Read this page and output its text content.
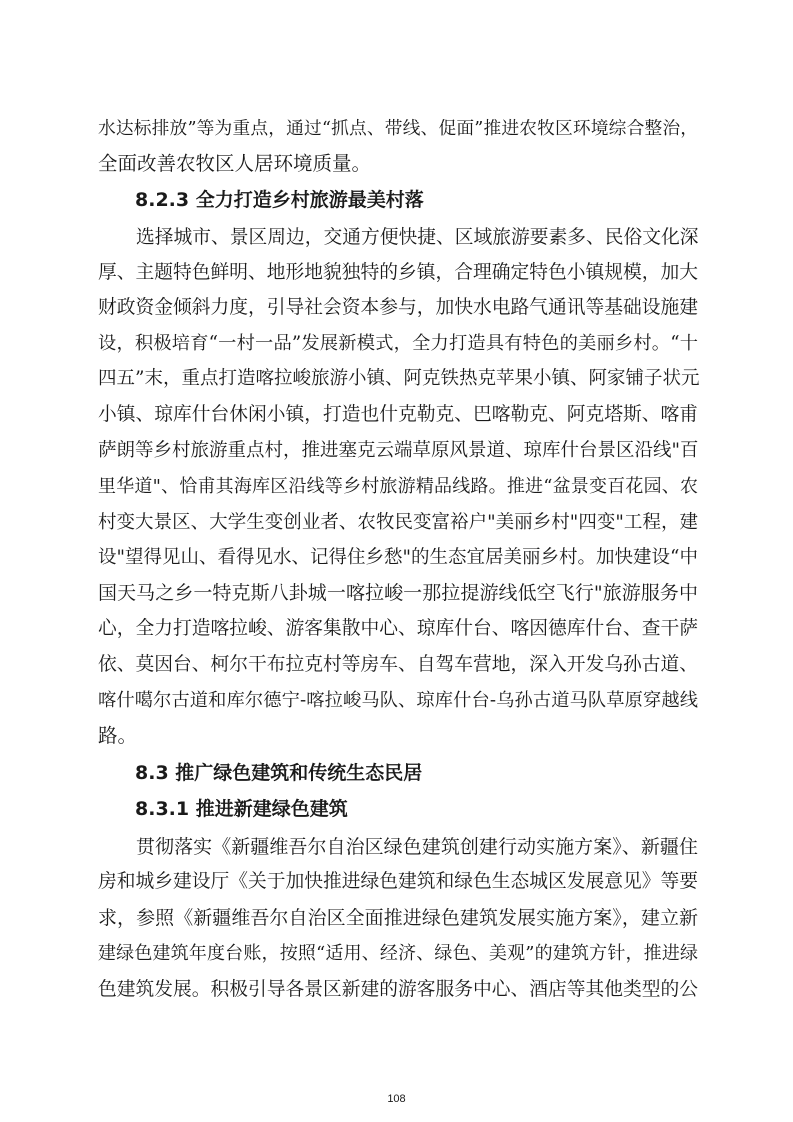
水达标排放”等为重点，通过“抓点、带线、促面”推进农牧区环境综合整治，
全面改善农牧区人居环境质量。
8.2.3 全力打造乡村旅游最美村落
选择城市、景区周边，交通方便快捷、区域旅游要素多、民俗文化深
厚、主题特色鲜明、地形地貌独特的乡镇，合理确定特色小镇规模，加大
财政资金倾斜力度，引导社会资本参与，加快水电路气通讯等基础设施建
设，积极培育“一村一品”发展新模式，全力打造具有特色的美丽乡村。“十
四五”末，重点打造喀拉峻旅游小镇、阿克铁热克苹果小镇、阿家铺子状元
小镇、琼库什台休闲小镇，打造也什克勒克、巴喀勒克、阿克塔斯、喀甫
萨朗等乡村旅游重点村，推进塞克云端草原风景道、琼库什台景区沿线"百
里华道"、恰甫其海库区沿线等乡村旅游精品线路。推进“盆景变百花园、农
村变大景区、大学生变创业者、农牧民变富裕户"美丽乡村"四变"工程，建
设"望得见山、看得见水、记得住乡愁"的生态宜居美丽乡村。加快建设“中
国天马之乡一特克斯八卦城一喀拉峻一那拉提游线低空飞行"旅游服务中
心，全力打造喀拉峻、游客集散中心、琼库什台、喀因德库什台、查干萨
依、莫因台、柯尔干布拉克村等房车、自驾车营地，深入开发乌孙古道、
喀什噶尔古道和库尔德宁-喀拉峻马队、琼库什台-乌孙古道马队草原穿越线
路。
8.3 推广绿色建筑和传统生态民居
8.3.1 推进新建绿色建筑
贯彻落实《新疆维吾尔自治区绿色建筑创建行动实施方案》、新疆住
房和城乡建设厅《关于加快推进绿色建筑和绿色生态城区发展意见》等要
求，参照《新疆维吾尔自治区全面推进绿色建筑发展实施方案》，建立新
建绿色建筑年度台账，按照“适用、经济、绿色、美观”的建筑方针，推进绿
色建筑发展。积极引导各景区新建的游客服务中心、酒店等其他类型的公
108
